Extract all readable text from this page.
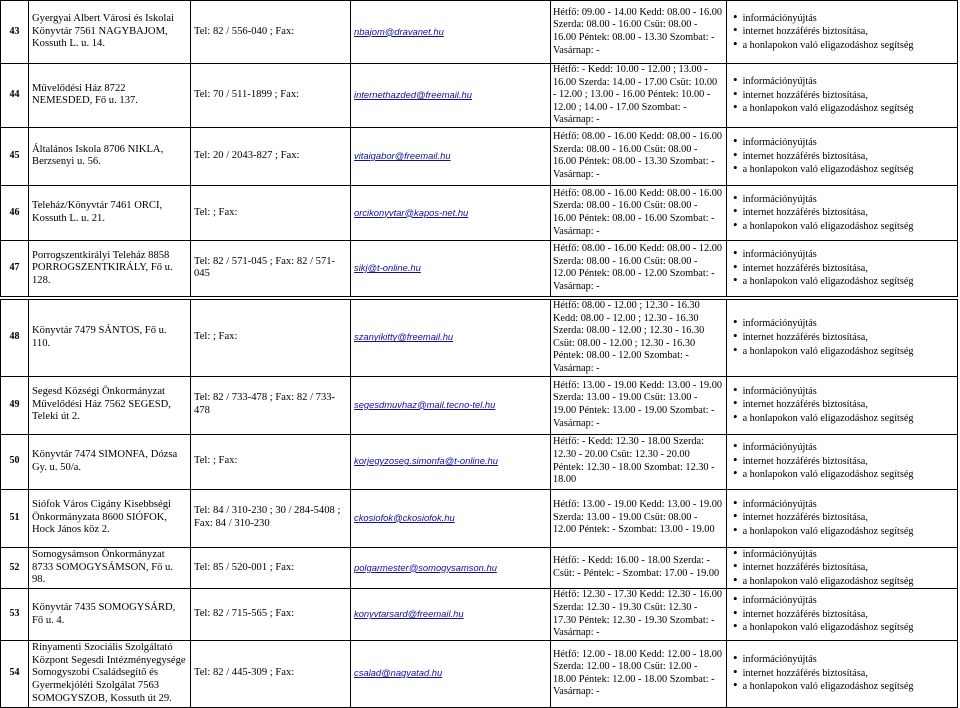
43	Gyergyai Albert Városi és Iskolai Könyvtár 7561 NAGYBAJOM, Kossuth L. u. 14.	Tel: 82 / 556-040 ; Fax:	nbajom@dravanet.hu	Hétfő: 09.00 - 14.00 Kedd: 08.00 - 16.00 Szerda: 08.00 - 16.00 Csüt: 08.00 - 16.00 Péntek: 08.00 - 13.30 Szombat: - Vasárnap: -	• információnyújtás
• internet hozzáférés biztosítása,
• a honlapokon való eligazodáshoz segítség

44	Művelődési Ház 8722 NEMESDED, Fő u. 137.	Tel: 70 / 511-1899 ; Fax:	internethazded@freemail.hu	Hétfő: - Kedd: 10.00 - 12.00 ; 13.00 - 16.00 Szerda: 14.00 - 17.00 Csüt: 10.00 - 12.00 ; 13.00 - 16.00 Péntek: 10.00 - 12.00 ; 14.00 - 17.00 Szombat: - Vasárnap: -	• információnyújtás
• internet hozzáférés biztosítása,
• a honlapokon való eligazodáshoz segítség

45	Általános Iskola 8706 NIKLA, Berzsenyi u. 56.	Tel: 20 / 2043-827 ; Fax:	vitaigabor@freemail.hu	Hétfő: 08.00 - 16.00 Kedd: 08.00 - 16.00 Szerda: 08.00 - 16.00 Csüt: 08.00 - 16.00 Péntek: 08.00 - 13.30 Szombat: - Vasárnap: -	• információnyújtás
• internet hozzáférés biztosítása,
• a honlapokon való eligazodáshoz segítség

46	Teleház/Könyvtár 7461 ORCI, Kossuth L. u. 21.	Tel: ; Fax:	orcikonyvtar@kapos-net.hu	Hétfő: 08.00 - 16.00 Kedd: 08.00 - 16.00 Szerda: 08.00 - 16.00 Csüt: 08.00 - 16.00 Péntek: 08.00 - 16.00 Szombat: - Vasárnap: -	• információnyújtás
• internet hozzáférés biztosítása,
• a honlapokon való eligazodáshoz segítség

47	Porrogszentkirályi Teleház 8858 PORROGSZENTKIRÁLY, Fő u. 128.	Tel: 82 / 571-045 ; Fax: 82 / 571-045	sikj@t-online.hu	Hétfő: 08.00 - 16.00 Kedd: 08.00 - 12.00 Szerda: 08.00 - 16.00 Csüt: 08.00 - 12.00 Péntek: 08.00 - 12.00 Szombat: - Vasárnap: -	• információnyújtás
• internet hozzáférés biztosítása,
• a honlapokon való eligazodáshoz segítség

48	Könyvtár 7479 SÁNTOS, Fő u. 110.	Tel: ; Fax:	szanyikitty@freemail.hu	Hétfő: 08.00 - 12.00 ; 12.30 - 16.30 Kedd: 08.00 - 12.00 ; 12.30 - 16.30 Szerda: 08.00 - 12.00 ; 12.30 - 16.30 Csüt: 08.00 - 12.00 ; 12.30 - 16.30 Péntek: 08.00 - 12.00 Szombat: - Vasárnap: -	• információnyújtás
• internet hozzáférés biztosítása,
• a honlapokon való eligazodáshoz segítség

49	Segesd Községi Önkormányzat Művelődési Ház 7562 SEGESD, Teleki út 2.	Tel: 82 / 733-478 ; Fax: 82 / 733-478	segesdmuvhaz@mail.tecno-tel.hu	Hétfő: 13.00 - 19.00 Kedd: 13.00 - 19.00 Szerda: 13.00 - 19.00 Csüt: 13.00 - 19.00 Péntek: 13.00 - 19.00 Szombat: - Vasárnap: -	• információnyújtás
• internet hozzáférés biztosítása,
• a honlapokon való eligazodáshoz segítség

50	Könyvtár 7474 SIMONFA, Dózsa Gy. u. 50/a.	Tel: ; Fax:	korjegyzoseg.simonfa@t-online.hu	Hétfő: - Kedd: 12.30 - 18.00 Szerda: 12.30 - 20.00 Csüt: 12.30 - 20.00 Péntek: 12.30 - 18.00 Szombat: 12.30 - 18.00	• információnyújtás
• internet hozzáférés biztosítása,
• a honlapokon való eligazodáshoz segítség

51	Siófok Város Cigány Kisebbségi Önkormányzata 8600 SIÓFOK, Hock János köz 2.	Tel: 84 / 310-230 ; 30 / 284-5408 ; Fax: 84 / 310-230	ckosiofok@ckosiofok.hu	Hétfő: 13.00 - 19.00 Kedd: 13.00 - 19.00 Szerda: 13.00 - 19.00 Csüt: 08.00 - 12.00 Péntek: - Szombat: 13.00 - 19.00	• információnyújtás
• internet hozzáférés biztosítása,
• a honlapokon való eligazodáshoz segítség

52	Somogysámson Önkormányzat 8733 SOMOGYSÁMSON, Fő u. 98.	Tel: 85 / 520-001 ; Fax:	polgarmester@somogysamson.hu	Hétfő: - Kedd: 16.00 - 18.00 Szerda: - Csüt: - Péntek: - Szombat: 17.00 - 19.00	• információnyújtás
• internet hozzáférés biztosítása,
• a honlapokon való eligazodáshoz segítség

53	Könyvtár 7435 SOMOGYSÁRD, Fő u. 4.	Tel: 82 / 715-565 ; Fax:	konyvtarsard@freemail.hu	Hétfő: 12.30 - 17.30 Kedd: 12.30 - 16.00 Szerda: 12.30 - 19.30 Csüt: 12.30 - 17.30 Péntek: 12.30 - 19.30 Szombat: - Vasárnap: -	• információnyújtás
• internet hozzáférés biztosítása,
• a honlapokon való eligazodáshoz segítség

54	Rinyamenti Szociális Szolgáltató Központ Segesdi Intézményegysége Somogyszobi Családsegítő és Gyermekjóléti Szolgálat 7563 SOMOGYSZOB, Kossuth út 29.	Tel: 82 / 445-309 ; Fax:	csalad@nagyatad.hu	Hétfő: 12.00 - 18.00 Kedd: 12.00 - 18.00 Szerda: 12.00 - 18.00 Csüt: 12.00 - 18.00 Péntek: 12.00 - 18.00 Szombat: - Vasárnap: -	• információnyújtás
• internet hozzáférés biztosítása,
• a honlapokon való eligazodáshoz segítség
